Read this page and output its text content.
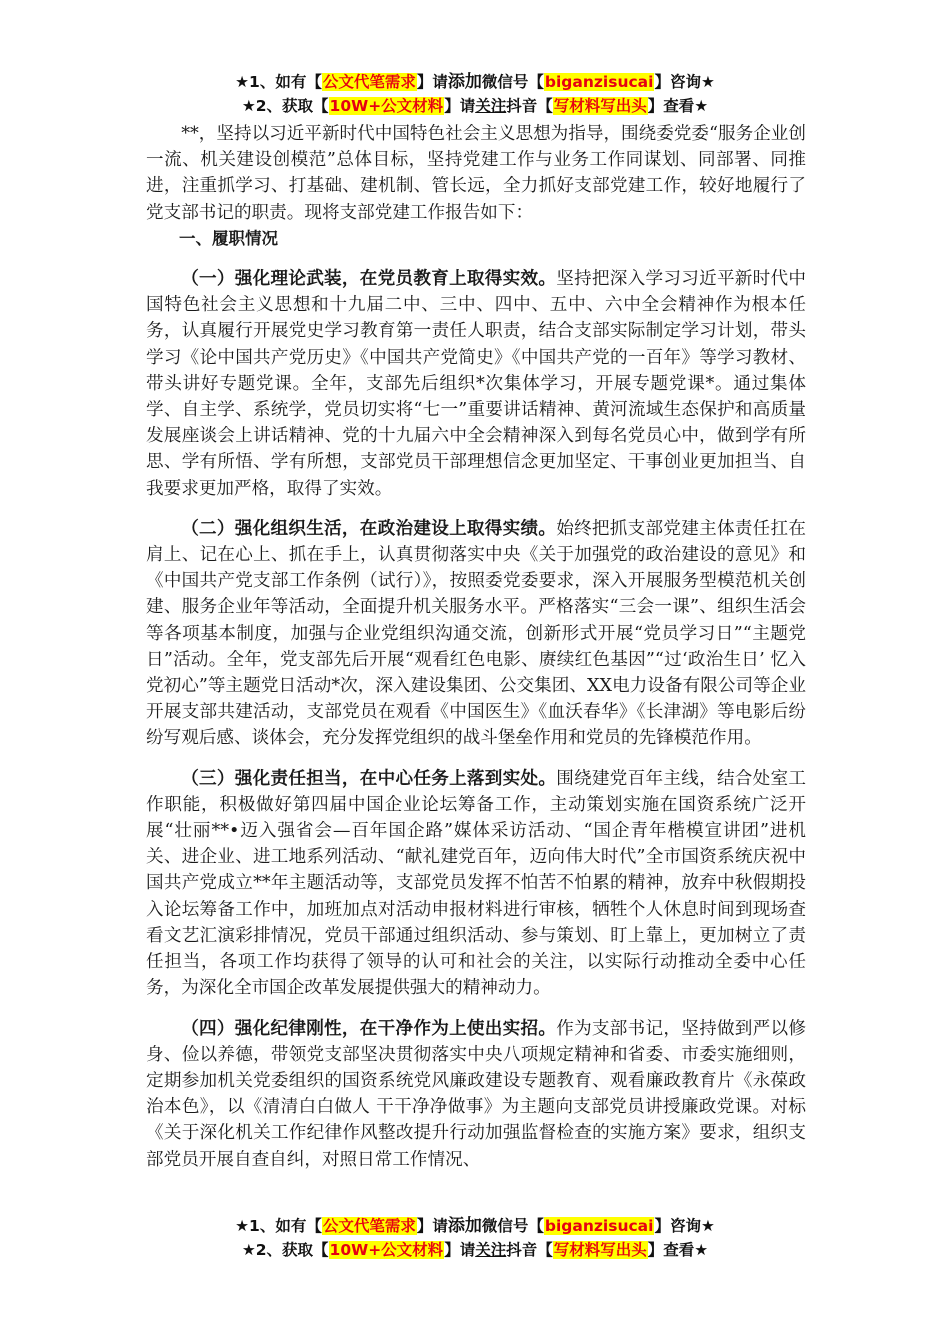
★1、如有【公文代笔需求】请添加微信号【biganzisucai】咨询★
★2、获取【10W+公文材料】请关注抖音【写材料写出头】查看★

**，坚持以习近平新时代中国特色社会主义思想为指导，围绕委党委“服务企业创一流、机关建设创模范”总体目标，坚持党建工作与业务工作同谋划、同部署、同推进，注重抓学习、打基础、建机制、管长远，全力抓好支部党建工作，较好地履行了党支部书记的职责。现将支部党建工作报告如下：

一、履职情况

（一）强化理论武装，在党员教育上取得实效。坚持把深入学习习近平新时代中国特色社会主义思想和十九届二中、三中、四中、五中、六中全会精神作为根本任务，认真履行开展党史学习教育第一责任人职责，结合支部实际制定学习计划，带头学习《论中国共产党历史》《中国共产党简史》《中国共产党的一百年》等学习教材、带头讲好专题党课。全年，支部先后组织*次集体学习，开展专题党课*。通过集体学、自主学、系统学，党员切实将“七一”重要讲话精神、黄河流域生态保护和高质量发展座谈会上讲话精神、党的十九届六中全会精神深入到每名党员心中，做到学有所思、学有所悟、学有所想，支部党员干部理想信念更加坚定、干事创业更加担当、自我要求更加严格，取得了实效。

（二）强化组织生活，在政治建设上取得实绩。始终把抓支部党建主体责任扛在肩上、记在心上、抓在手上，认真贯彻落实中央《关于加强党的政治建设的意见》和《中国共产党支部工作条例（试行）》，按照委党委要求，深入开展服务型模范机关创建、服务企业年等活动，全面提升机关服务水平。严格落实“三会一课”、组织生活会等各项基本制度，加强与企业党组织沟通交流，创新形式开展“党员学习日”“主题党日”活动。全年，党支部先后开展“观看红色电影、赓续红色基因”“过‘政治生日’ 忆入党初心”等主题党日活动*次，深入建设集团、公交集团、XX电力设备有限公司等企业开展支部共建活动，支部党员在观看《中国医生》《血沃春华》《长津湖》等电影后纷纷写观后感、谈体会，充分发挥党组织的战斗堡垒作用和党员的先锋模范作用。

（三）强化责任担当，在中心任务上落到实处。围绕建党百年主线，结合处室工作职能，积极做好第四届中国企业论坛筹备工作，主动策划实施在国资系统广泛开展“壮丽**•迈入强省会—百年国企路”媒体采访活动、“国企青年楷模宣讲团”进机关、进企业、进工地系列活动、“献礼建党百年，迈向伟大时代”全市国资系统庆祝中国共产党成立**年主题活动等，支部党员发挥不怕苦不怕累的精神，放弃中秋假期投入论坛筹备工作中，加班加点对活动申报材料进行审核，牺牲个人休息时间到现场查看文艺汇演彩排情况，党员干部通过组织活动、参与策划、盯上靠上，更加树立了责任担当，各项工作均获得了领导的认可和社会的关注，以实际行动推动全委中心任务，为深化全市国企改革发展提供强大的精神动力。

（四）强化纪律刚性，在干净作为上使出实招。作为支部书记，坚持做到严以修身、俭以养德，带领党支部坚决贯彻落实中央八项规定精神和省委、市委实施细则，定期参加机关党委组织的国资系统党风廉政建设专题教育、观看廉政教育片《永葆政治本色》，以《清清白白做人 干干净净做事》为主题向支部党员讲授廉政党课。对标《关于深化机关工作纪律作风整改提升行动加强监督检查的实施方案》要求，组织支部党员开展自查自纠，对照日常工作情况、

★1、如有【公文代笔需求】请添加微信号【biganzisucai】咨询★
★2、获取【10W+公文材料】请关注抖音【写材料写出头】查看★
